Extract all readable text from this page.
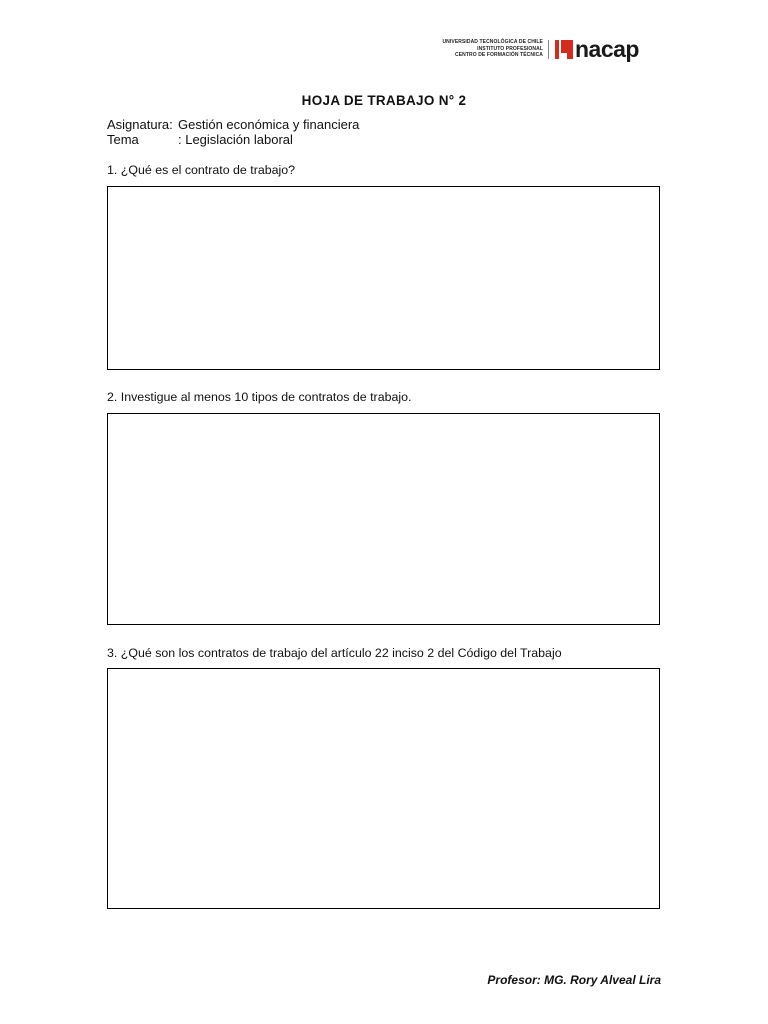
UNIVERSIDAD TECNOLÓGICA DE CHILE
INSTITUTO PROFESIONAL
CENTRO DE FORMACIÓN TÉCNICA nacap
HOJA DE TRABAJO N° 2
Asignatura: Gestión económica y financiera
Tema	: Legislación laboral
1. ¿Qué es el contrato de trabajo?
2. Investigue al menos 10 tipos de contratos de trabajo.
3. ¿Qué son los contratos de trabajo del artículo 22 inciso 2 del Código del Trabajo
Profesor: MG. Rory Alveal Lira
